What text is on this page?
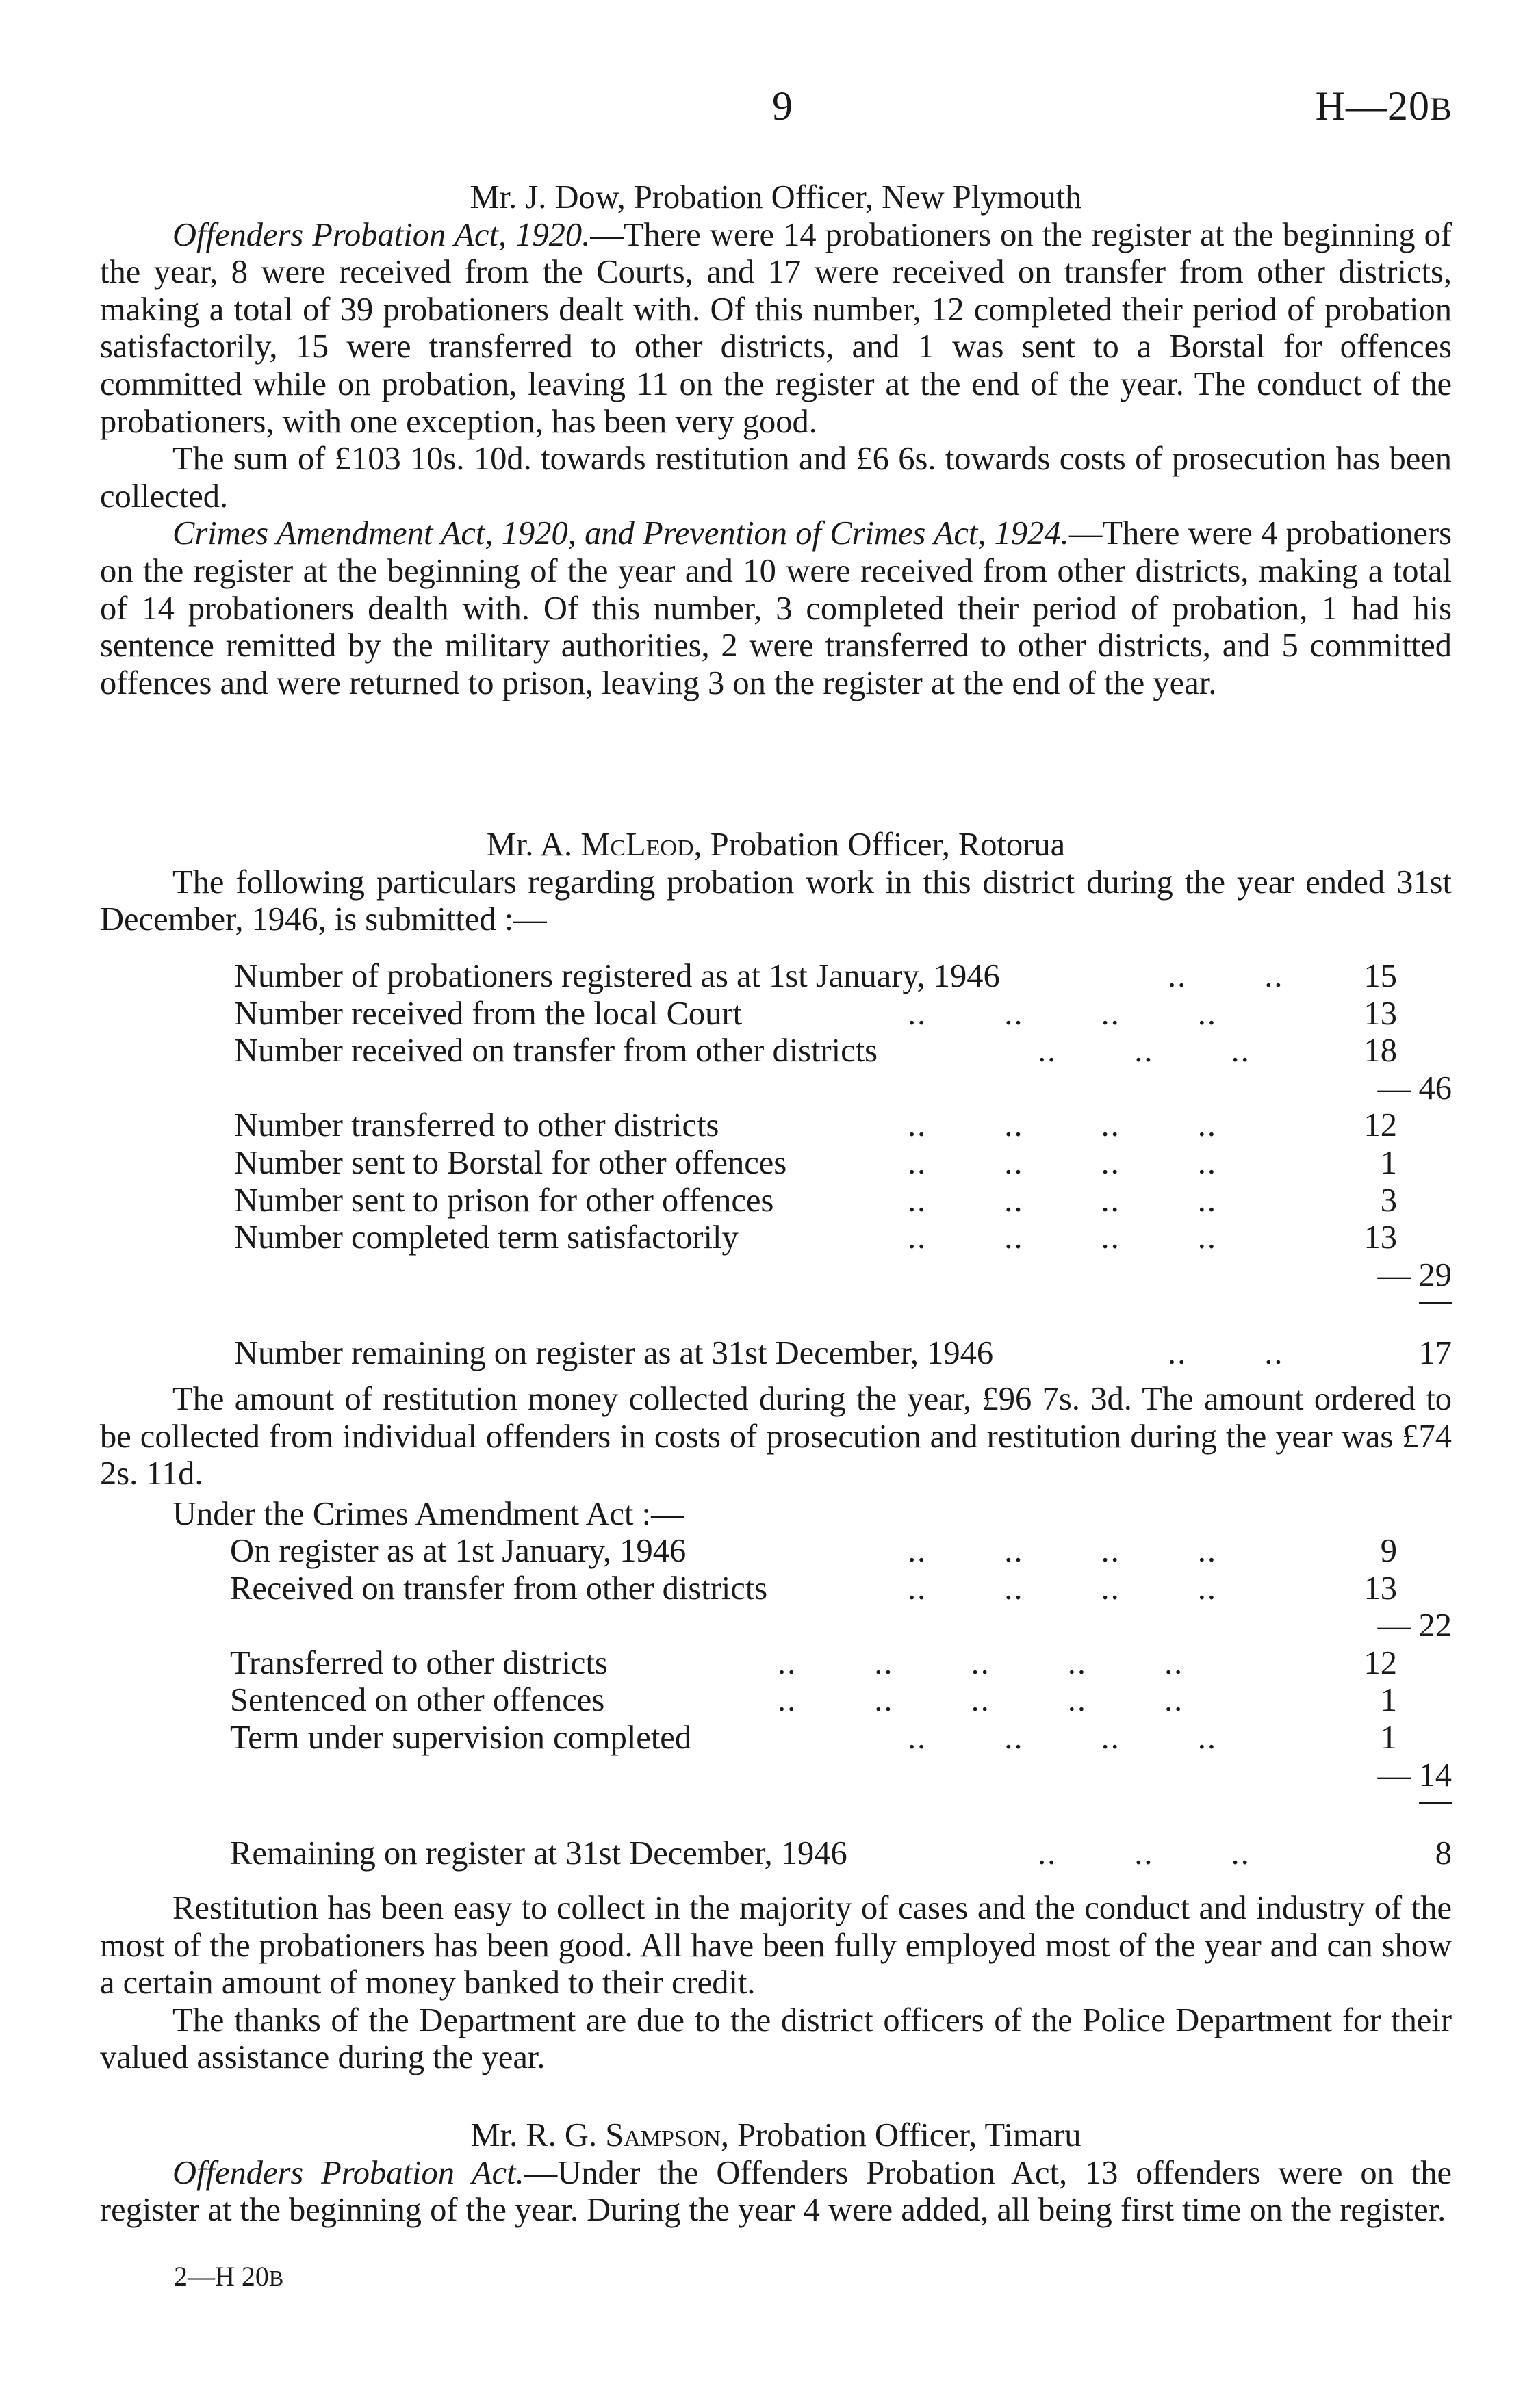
9	H—20B
Mr. J. Dow, Probation Officer, New Plymouth

Offenders Probation Act, 1920.—There were 14 probationers on the register at the beginning of the year, 8 were received from the Courts, and 17 were received on transfer from other districts, making a total of 39 probationers dealt with. Of this number, 12 completed their period of probation satisfactorily, 15 were transferred to other districts, and 1 was sent to a Borstal for offences committed while on probation, leaving 11 on the register at the end of the year. The conduct of the probationers, with one exception, has been very good.

The sum of £103 10s. 10d. towards restitution and £6 6s. towards costs of prosecution has been collected.

Crimes Amendment Act, 1920, and Prevention of Crimes Act, 1924.—There were 4 probationers on the register at the beginning of the year and 10 were received from other districts, making a total of 14 probationers dealth with. Of this number, 3 completed their period of probation, 1 had his sentence remitted by the military authorities, 2 were transferred to other districts, and 5 committed offences and were returned to prison, leaving 3 on the register at the end of the year.

Mr. A. McLeod, Probation Officer, Rotorua

The following particulars regarding probation work in this district during the year ended 31st December, 1946, is submitted :—

Number of probationers registered as at 1st January, 1946	..        .. 15
Number received from the local Court	..        ..        ..        ..	13
Number received on transfer from other districts	..        ..        ..	18
— 46
Number transferred to other districts	..        ..        ..        ..	12
Number sent to Borstal for other offences	..        ..        ..        ..	1
Number sent to prison for other offences	..        ..        ..        ..	3
Number completed term satisfactorily	..        ..        ..        ..	13
— 29
Number remaining on register as at 31st December, 1946	..        ..	17

The amount of restitution money collected during the year, £96 7s. 3d. The amount ordered to be collected from individual offenders in costs of prosecution and restitution during the year was £74 2s. 11d.

Under the Crimes Amendment Act :—
On register as at 1st January, 1946	..        ..        ..        ..	9
Received on transfer from other districts	..        ..        ..        ..	13
— 22
Transferred to other districts	..        ..        ..        ..        ..	12
Sentenced on other offences	..        ..        ..        ..        ..	1
Term under supervision completed	..        ..        ..        ..	1
— 14
Remaining on register at 31st December, 1946	..        ..        ..	8

Restitution has been easy to collect in the majority of cases and the conduct and industry of the most of the probationers has been good. All have been fully employed most of the year and can show a certain amount of money banked to their credit.

The thanks of the Department are due to the district officers of the Police Department for their valued assistance during the year.

Mr. R. G. Sampson, Probation Officer, Timaru

Offenders Probation Act.—Under the Offenders Probation Act, 13 offenders were on the register at the beginning of the year. During the year 4 were added, all being first time on the register.

2—H 20B
